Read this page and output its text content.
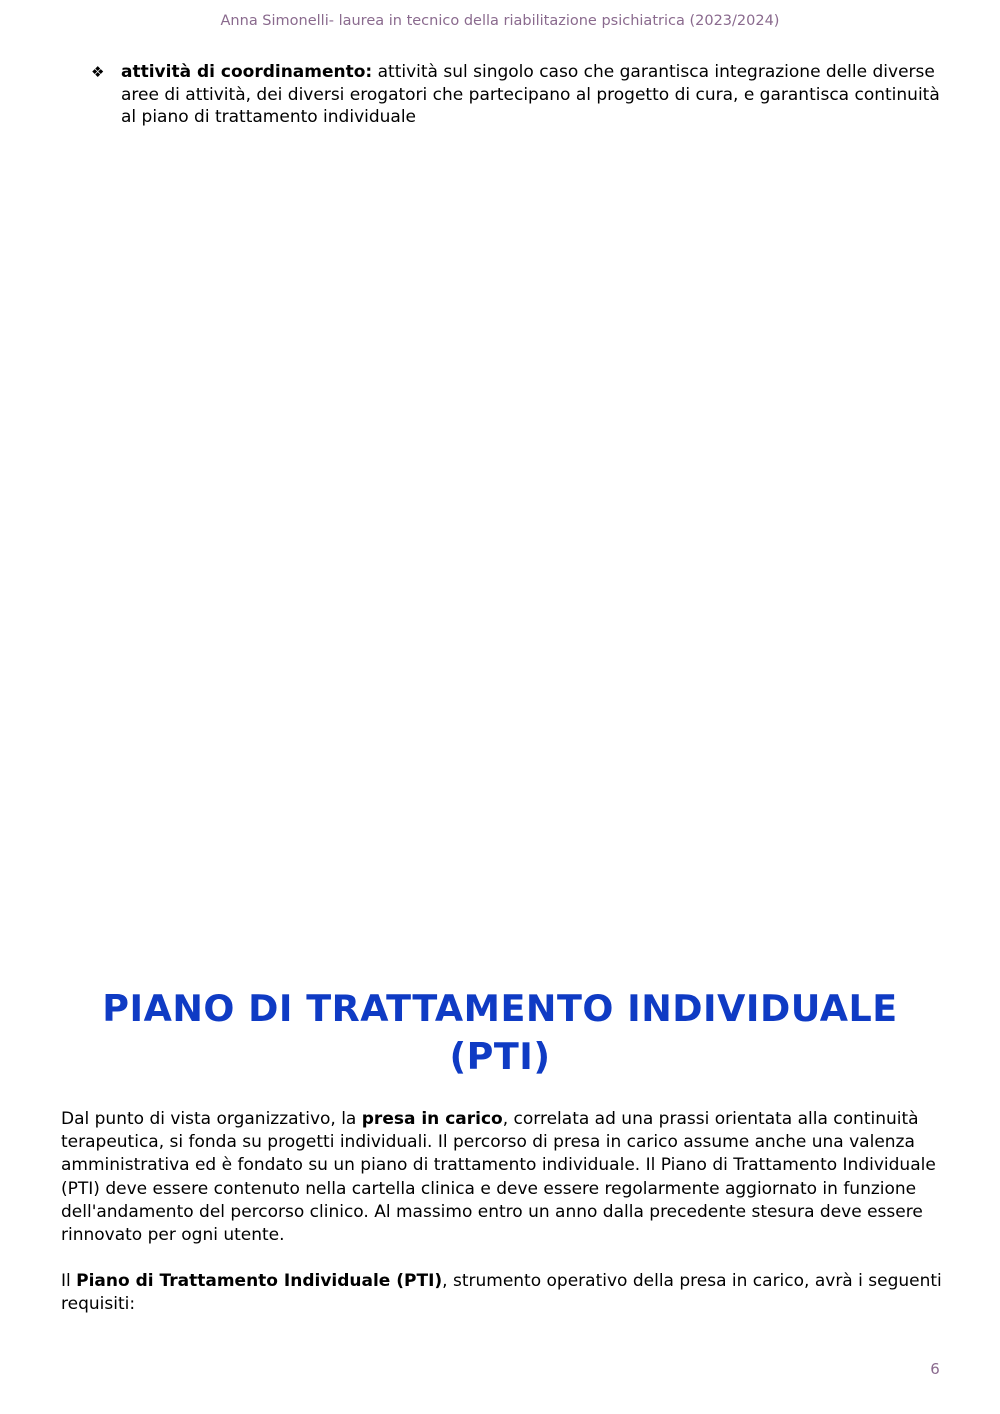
Anna Simonelli- laurea in tecnico della riabilitazione psichiatrica (2023/2024)
❖ attività di coordinamento: attività sul singolo caso che garantisca integrazione delle diverse aree di attività, dei diversi erogatori che partecipano al progetto di cura, e garantisca continuità al piano di trattamento individuale
PIANO DI TRATTAMENTO INDIVIDUALE
(PTI)

Dal punto di vista organizzativo, la presa in carico, correlata ad una prassi orientata alla continuità terapeutica, si fonda su progetti individuali. Il percorso di presa in carico assume anche una valenza amministrativa ed è fondato su un piano di trattamento individuale. Il Piano di Trattamento Individuale (PTI) deve essere contenuto nella cartella clinica e deve essere regolarmente aggiornato in funzione dell'andamento del percorso clinico. Al massimo entro un anno dalla precedente stesura deve essere rinnovato per ogni utente.

Il Piano di Trattamento Individuale (PTI), strumento operativo della presa in carico, avrà i seguenti requisiti:

6
